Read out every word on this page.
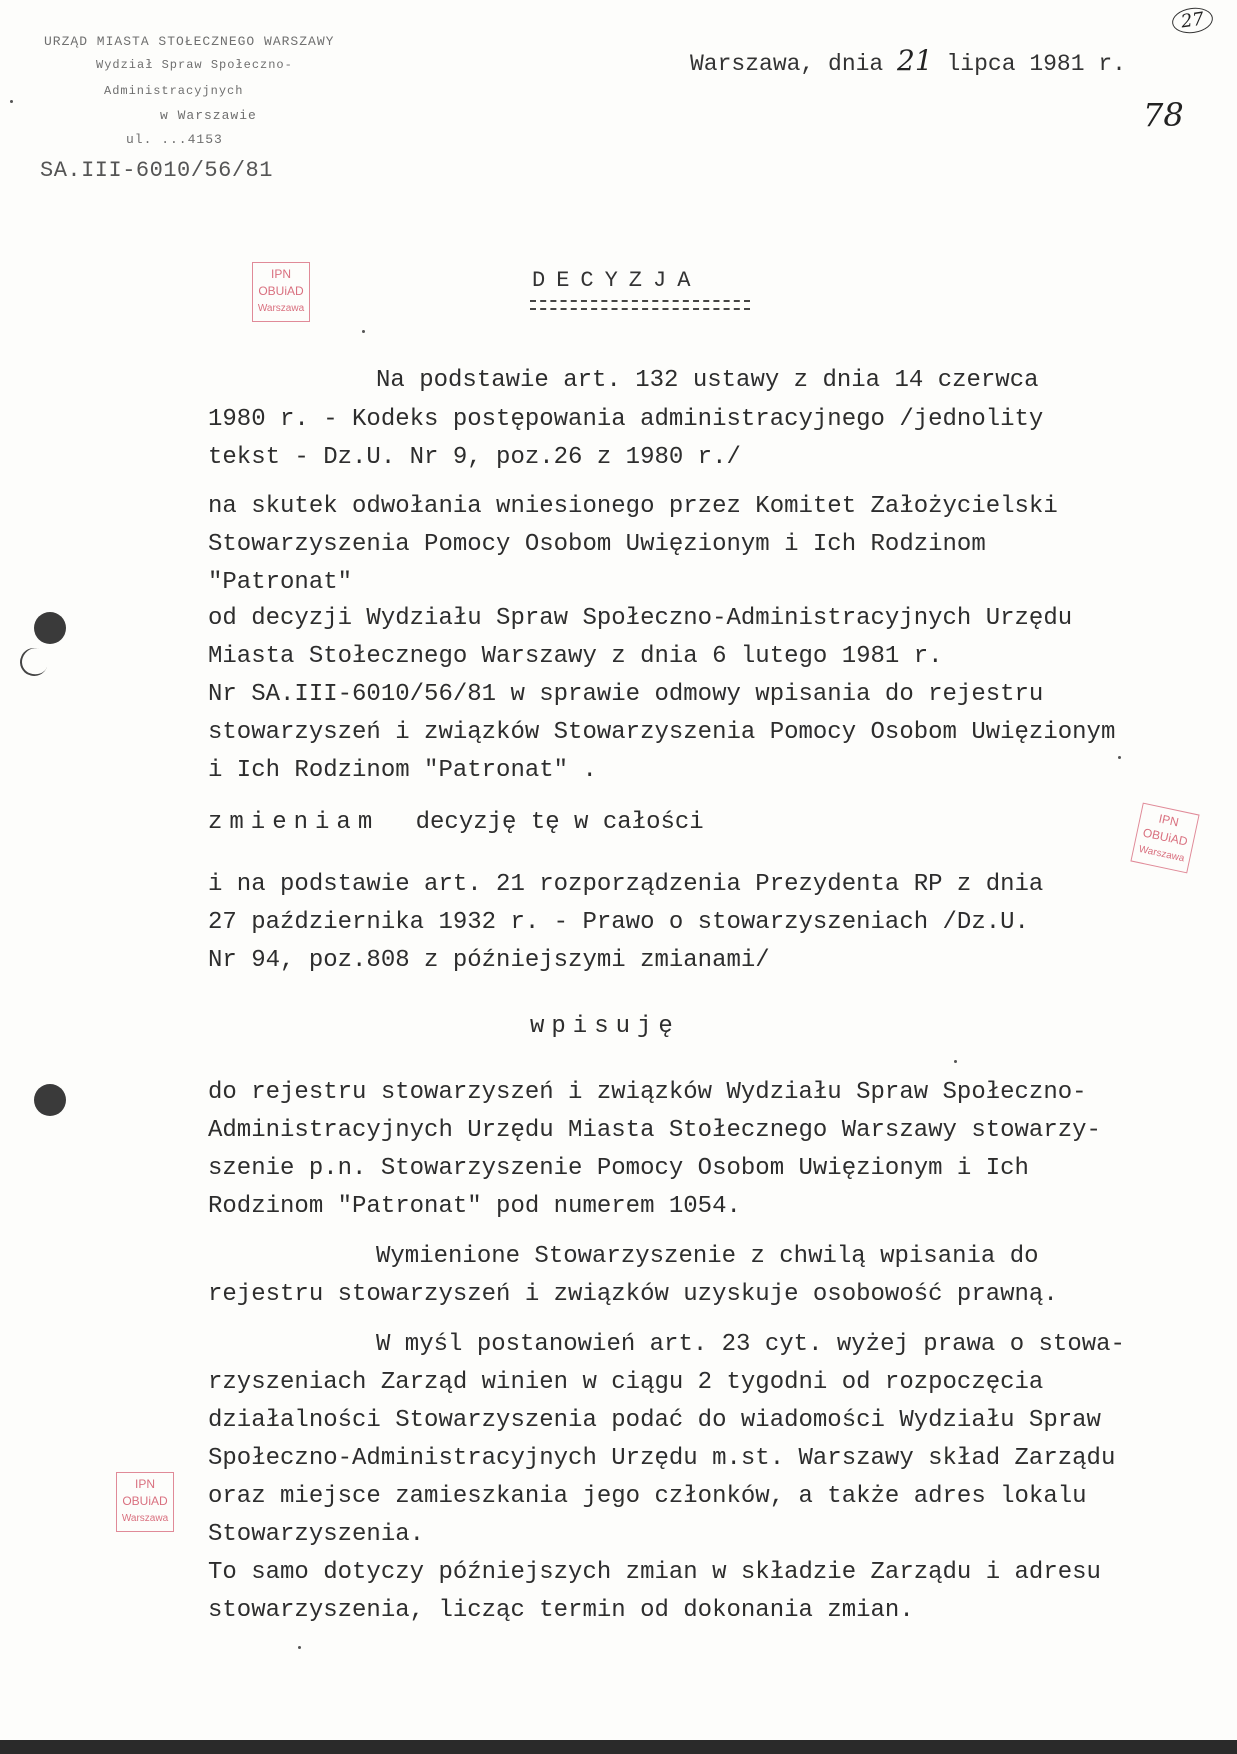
URZĄD MIASTA STOŁECZNEGO WARSZAWY
Wydział Spraw Społeczno-
Administracyjnych
w Warszawie
ul. ...4153
SA.III-6010/56/81
Warszawa, dnia 21 lipca 1981 r.
27
78
IPN
OBUiAD
Warszawa
IPN
OBUiAD
Warszawa
IPN
OBUiAD
Warszawa
DECYZJA
Na podstawie art. 132 ustawy z dnia 14 czerwca
1980 r. - Kodeks postępowania administracyjnego /jednolity
tekst - Dz.U. Nr 9, poz.26 z 1980 r./
na skutek odwołania wniesionego przez Komitet Założycielski
Stowarzyszenia Pomocy Osobom Uwięzionym i Ich Rodzinom
"Patronat"
od decyzji Wydziału Spraw Społeczno-Administracyjnych Urzędu
Miasta Stołecznego Warszawy z dnia 6 lutego 1981 r.
Nr SA.III-6010/56/81 w sprawie odmowy wpisania do rejestru
stowarzyszeń i związków Stowarzyszenia Pomocy Osobom Uwięzionym
i Ich Rodzinom "Patronat" .
zmieniam decyzję tę w całości
i na podstawie art. 21 rozporządzenia Prezydenta RP z dnia
27 października 1932 r. - Prawo o stowarzyszeniach /Dz.U.
Nr 94, poz.808 z późniejszymi zmianami/
wpisuję
do rejestru stowarzyszeń i związków Wydziału Spraw Społeczno-
Administracyjnych Urzędu Miasta Stołecznego Warszawy stowarzy-
szenie p.n. Stowarzyszenie Pomocy Osobom Uwięzionym i Ich
Rodzinom "Patronat" pod numerem 1054.
Wymienione Stowarzyszenie z chwilą wpisania do
rejestru stowarzyszeń i związków uzyskuje osobowość prawną.
W myśl postanowień art. 23 cyt. wyżej prawa o stowa-
rzyszeniach Zarząd winien w ciągu 2 tygodni od rozpoczęcia
działalności Stowarzyszenia podać do wiadomości Wydziału Spraw
Społeczno-Administracyjnych Urzędu m.st. Warszawy skład Zarządu
oraz miejsce zamieszkania jego członków, a także adres lokalu
Stowarzyszenia.
To samo dotyczy późniejszych zmian w składzie Zarządu i adresu
stowarzyszenia, licząc termin od dokonania zmian.
